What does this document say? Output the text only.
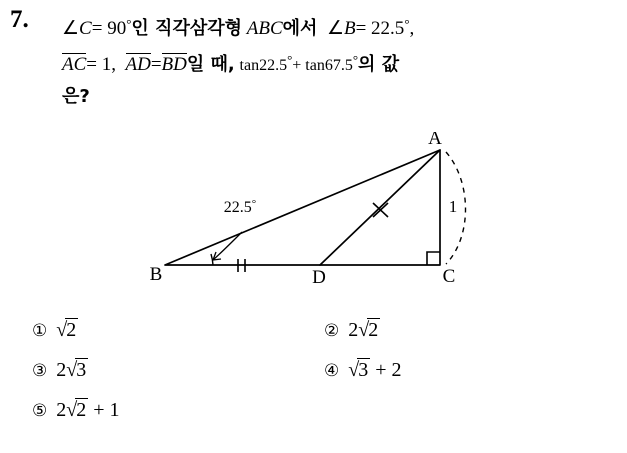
7. ∠C= 90°인 직각삼각형 ABC에서 ∠B= 22.5°,
AC= 1, AD=BD일 때, tan22.5°+ tan67.5°의 값
은?
A
B	C
D
22.5°	1
① √2	② 2√2
③ 2√3	④ √3 + 2
⑤ 2√2 + 1
